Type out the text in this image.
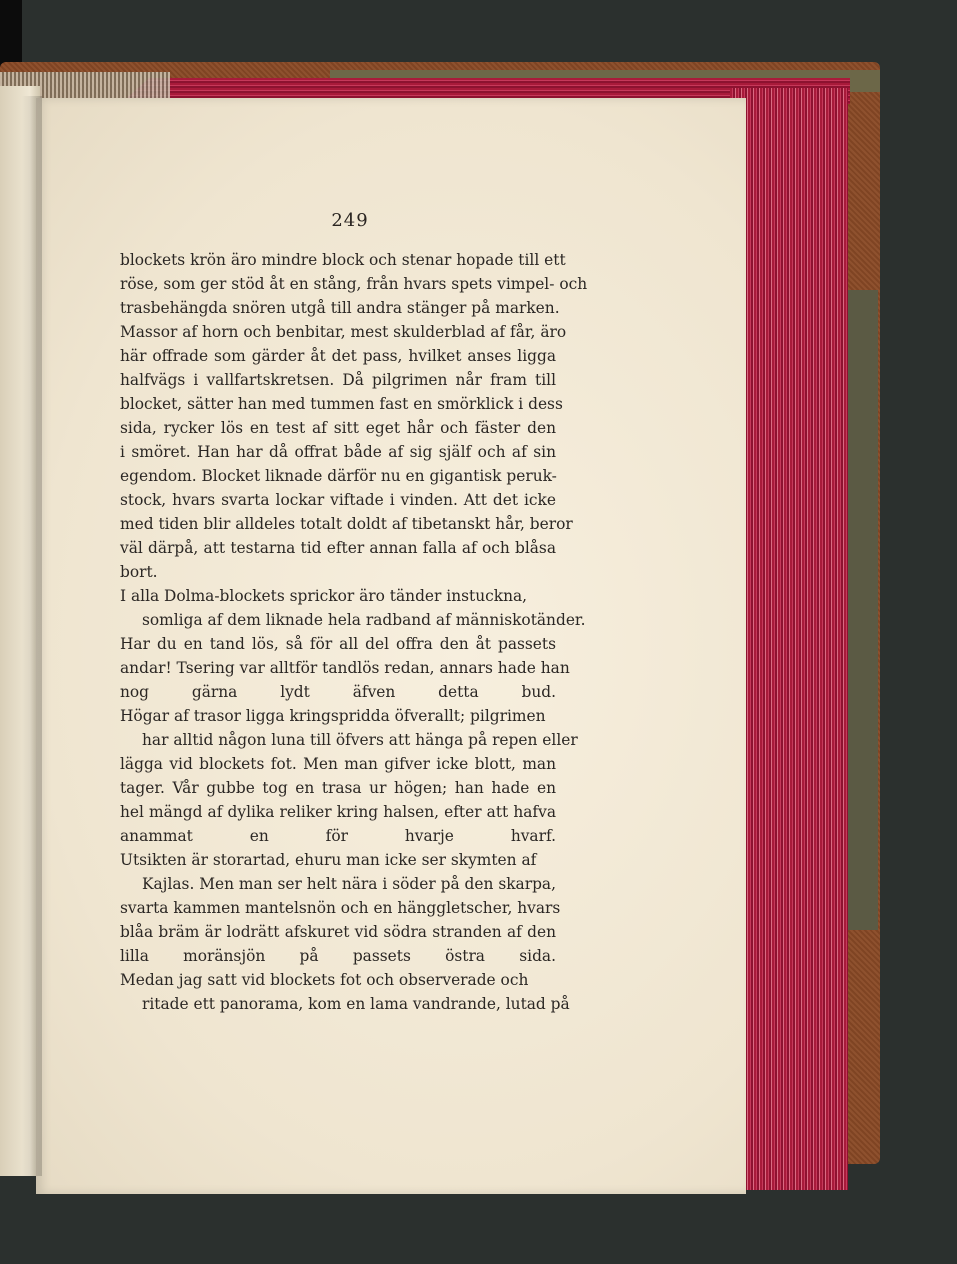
249
blockets krön äro mindre block och stenar hopade till ett
röse, som ger stöd åt en stång, från hvars spets vimpel- och
trasbehängda snören utgå till andra stänger på marken.
Massor af horn och benbitar, mest skulderblad af får, äro
här offrade som gärder åt det pass, hvilket anses ligga
halfvägs i vallfartskretsen. Då pilgrimen når fram till
blocket, sätter han med tummen fast en smörklick i dess
sida, rycker lös en test af sitt eget hår och fäster den
i smöret. Han har då offrat både af sig själf och af sin
egendom. Blocket liknade därför nu en gigantisk peruk-
stock, hvars svarta lockar viftade i vinden. Att det icke
med tiden blir alldeles totalt doldt af tibetanskt hår, beror
väl därpå, att testarna tid efter annan falla af och blåsa
bort.
I alla Dolma-blockets sprickor äro tänder instuckna,
somliga af dem liknade hela radband af människotänder.
Har du en tand lös, så för all del offra den åt passets
andar! Tsering var alltför tandlös redan, annars hade han
nog gärna lydt äfven detta bud.
Högar af trasor ligga kringspridda öfverallt; pilgrimen
har alltid någon luna till öfvers att hänga på repen eller
lägga vid blockets fot. Men man gifver icke blott, man
tager. Vår gubbe tog en trasa ur högen; han hade en
hel mängd af dylika reliker kring halsen, efter att hafva
anammat en för hvarje hvarf.
Utsikten är storartad, ehuru man icke ser skymten af
Kajlas. Men man ser helt nära i söder på den skarpa,
svarta kammen mantelsnön och en hänggletscher, hvars
blåa bräm är lodrätt afskuret vid södra stranden af den
lilla moränsjön på passets östra sida.
Medan jag satt vid blockets fot och observerade och
ritade ett panorama, kom en lama vandrande, lutad på
